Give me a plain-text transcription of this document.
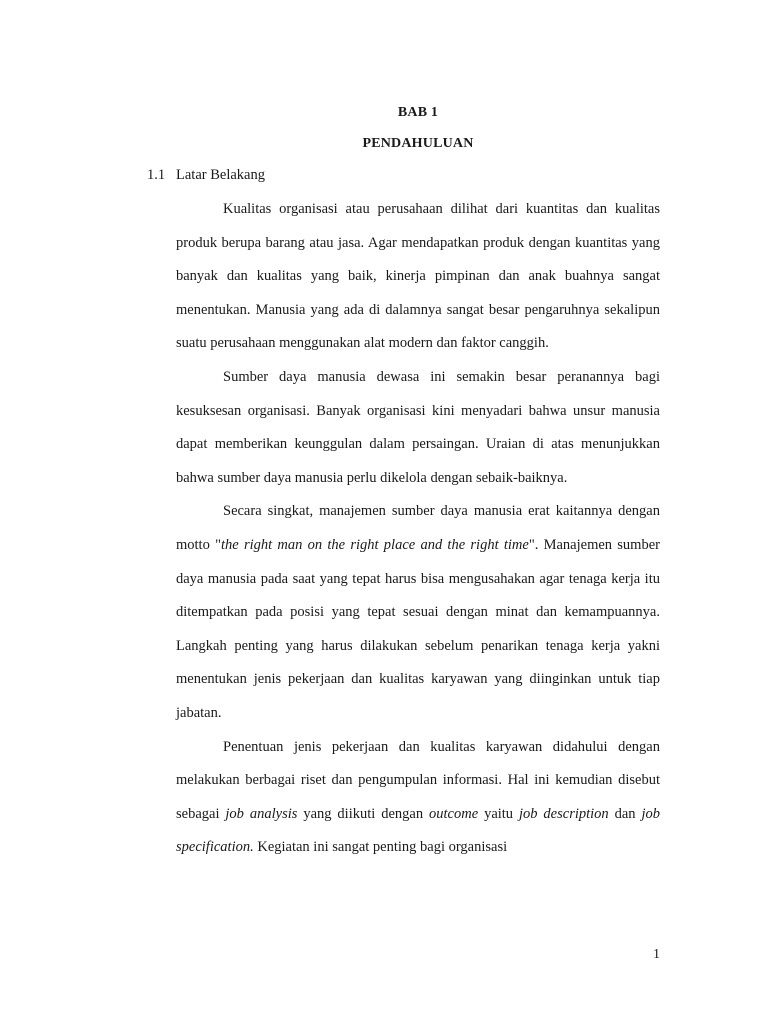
BAB 1
PENDAHULUAN
1.1 Latar Belakang

Kualitas organisasi atau perusahaan dilihat dari kuantitas dan kualitas produk berupa barang atau jasa. Agar mendapatkan produk dengan kuantitas yang banyak dan kualitas yang baik, kinerja pimpinan dan anak buahnya sangat menentukan. Manusia yang ada di dalamnya sangat besar pengaruhnya sekalipun suatu perusahaan menggunakan alat modern dan faktor canggih.

Sumber daya manusia dewasa ini semakin besar peranannya bagi kesuksesan organisasi. Banyak organisasi kini menyadari bahwa unsur manusia dapat memberikan keunggulan dalam persaingan. Uraian di atas menunjukkan bahwa sumber daya manusia perlu dikelola dengan sebaik-baiknya.

Secara singkat, manajemen sumber daya manusia erat kaitannya dengan motto "the right man on the right place and the right time". Manajemen sumber daya manusia pada saat yang tepat harus bisa mengusahakan agar tenaga kerja itu ditempatkan pada posisi yang tepat sesuai dengan minat dan kemampuannya. Langkah penting yang harus dilakukan sebelum penarikan tenaga kerja yakni menentukan jenis pekerjaan dan kualitas karyawan yang diinginkan untuk tiap jabatan.

Penentuan jenis pekerjaan dan kualitas karyawan didahului dengan melakukan berbagai riset dan pengumpulan informasi. Hal ini kemudian disebut sebagai job analysis yang diikuti dengan outcome yaitu job description dan job specification. Kegiatan ini sangat penting bagi organisasi

1
